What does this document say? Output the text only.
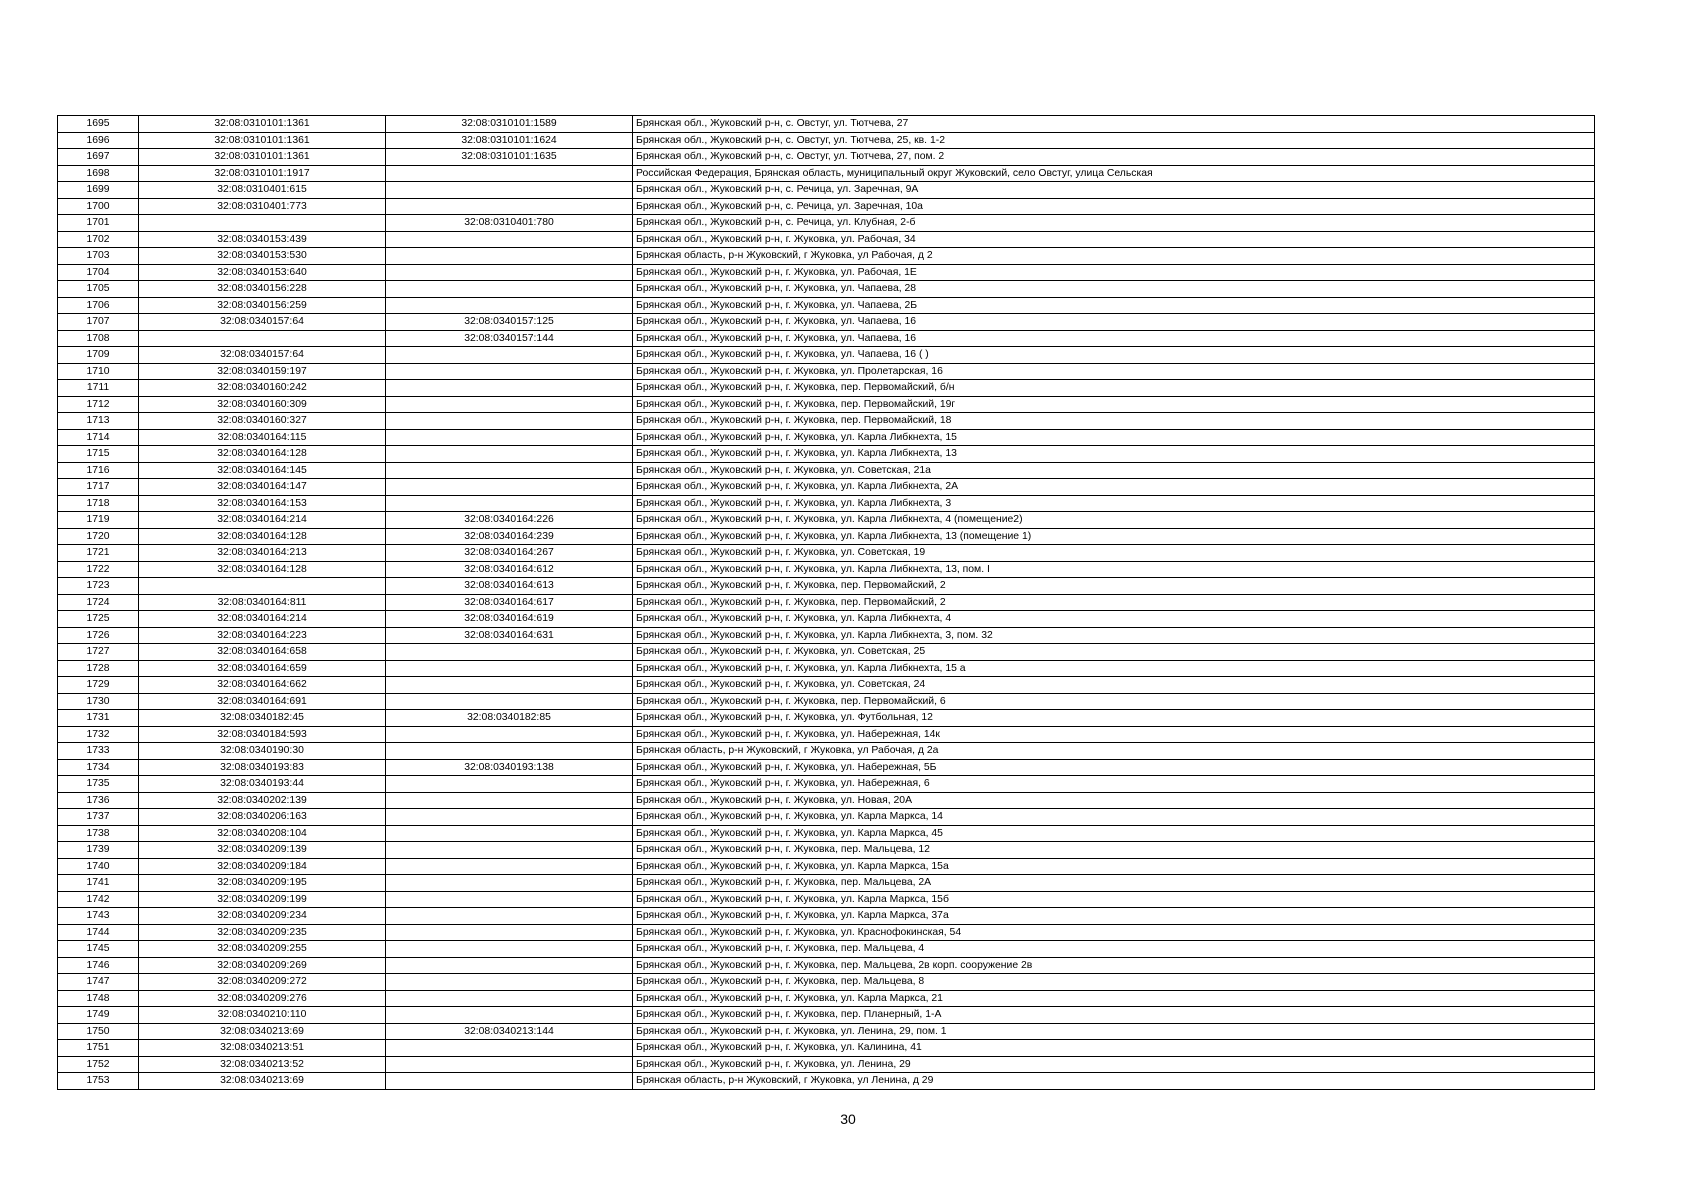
1695	32:08:0310101:1361	32:08:0310101:1589	Брянская обл., Жуковский р-н, с. Овстуг, ул. Тютчева, 27
1696	32:08:0310101:1361	32:08:0310101:1624	Брянская обл., Жуковский р-н, с. Овстуг, ул. Тютчева, 25, кв. 1-2
1697	32:08:0310101:1361	32:08:0310101:1635	Брянская обл., Жуковский р-н, с. Овстуг, ул. Тютчева, 27, пом. 2
1698	32:08:0310101:1917		Российская Федерация, Брянская область, муниципальный округ Жуковский, село Овстуг, улица Сельская
1699	32:08:0310401:615		Брянская обл., Жуковский р-н, с. Речица, ул. Заречная, 9А
1700	32:08:0310401:773		Брянская обл., Жуковский р-н, с. Речица, ул. Заречная, 10а
1701		32:08:0310401:780	Брянская обл., Жуковский р-н, с. Речица, ул. Клубная, 2-б
1702	32:08:0340153:439		Брянская обл., Жуковский р-н, г. Жуковка, ул. Рабочая, 34
1703	32:08:0340153:530		Брянская область, р-н Жуковский, г Жуковка, ул Рабочая, д 2
1704	32:08:0340153:640		Брянская обл., Жуковский р-н, г. Жуковка, ул. Рабочая, 1Е
1705	32:08:0340156:228		Брянская обл., Жуковский р-н, г. Жуковка, ул. Чапаева, 28
1706	32:08:0340156:259		Брянская обл., Жуковский р-н, г. Жуковка, ул. Чапаева, 2Б
1707	32:08:0340157:64	32:08:0340157:125	Брянская обл., Жуковский р-н, г. Жуковка, ул. Чапаева, 16
1708		32:08:0340157:144	Брянская обл., Жуковский р-н, г. Жуковка, ул. Чапаева, 16
1709	32:08:0340157:64		Брянская обл., Жуковский р-н, г. Жуковка, ул. Чапаева, 16 ( )
1710	32:08:0340159:197		Брянская обл., Жуковский р-н, г. Жуковка, ул. Пролетарская, 16
1711	32:08:0340160:242		Брянская обл., Жуковский р-н, г. Жуковка, пер. Первомайский, б/н
1712	32:08:0340160:309		Брянская обл., Жуковский р-н, г. Жуковка, пер. Первомайский, 19г
1713	32:08:0340160:327		Брянская обл., Жуковский р-н, г. Жуковка, пер. Первомайский, 18
1714	32:08:0340164:115		Брянская обл., Жуковский р-н, г. Жуковка, ул. Карла Либкнехта, 15
1715	32:08:0340164:128		Брянская обл., Жуковский р-н, г. Жуковка, ул. Карла Либкнехта, 13
1716	32:08:0340164:145		Брянская обл., Жуковский р-н, г. Жуковка, ул. Советская, 21а
1717	32:08:0340164:147		Брянская обл., Жуковский р-н, г. Жуковка, ул. Карла Либкнехта, 2А
1718	32:08:0340164:153		Брянская обл., Жуковский р-н, г. Жуковка, ул. Карла Либкнехта, 3
1719	32:08:0340164:214	32:08:0340164:226	Брянская обл., Жуковский р-н, г. Жуковка, ул. Карла Либкнехта, 4 (помещение2)
1720	32:08:0340164:128	32:08:0340164:239	Брянская обл., Жуковский р-н, г. Жуковка, ул. Карла Либкнехта, 13 (помещение 1)
1721	32:08:0340164:213	32:08:0340164:267	Брянская обл., Жуковский р-н, г. Жуковка, ул. Советская, 19
1722	32:08:0340164:128	32:08:0340164:612	Брянская обл., Жуковский р-н, г. Жуковка, ул. Карла Либкнехта, 13, пом. I
1723		32:08:0340164:613	Брянская обл., Жуковский р-н, г. Жуковка, пер. Первомайский, 2
1724	32:08:0340164:811	32:08:0340164:617	Брянская обл., Жуковский р-н, г. Жуковка, пер. Первомайский, 2
1725	32:08:0340164:214	32:08:0340164:619	Брянская обл., Жуковский р-н, г. Жуковка, ул. Карла Либкнехта, 4
1726	32:08:0340164:223	32:08:0340164:631	Брянская обл., Жуковский р-н, г. Жуковка, ул. Карла Либкнехта, 3, пом. 32
1727	32:08:0340164:658		Брянская обл., Жуковский р-н, г. Жуковка, ул. Советская, 25
1728	32:08:0340164:659		Брянская обл., Жуковский р-н, г. Жуковка, ул. Карла Либкнехта, 15 а
1729	32:08:0340164:662		Брянская обл., Жуковский р-н, г. Жуковка, ул. Советская, 24
1730	32:08:0340164:691		Брянская обл., Жуковский р-н, г. Жуковка, пер. Первомайский, 6
1731	32:08:0340182:45	32:08:0340182:85	Брянская обл., Жуковский р-н, г. Жуковка, ул. Футбольная, 12
1732	32:08:0340184:593		Брянская обл., Жуковский р-н, г. Жуковка, ул. Набережная, 14к
1733	32:08:0340190:30		Брянская область, р-н Жуковский, г Жуковка, ул Рабочая, д 2а
1734	32:08:0340193:83	32:08:0340193:138	Брянская обл., Жуковский р-н, г. Жуковка, ул. Набережная, 5Б
1735	32:08:0340193:44		Брянская обл., Жуковский р-н, г. Жуковка, ул. Набережная, 6
1736	32:08:0340202:139		Брянская обл., Жуковский р-н, г. Жуковка, ул. Новая, 20А
1737	32:08:0340206:163		Брянская обл., Жуковский р-н, г. Жуковка, ул. Карла Маркса, 14
1738	32:08:0340208:104		Брянская обл., Жуковский р-н, г. Жуковка, ул. Карла Маркса, 45
1739	32:08:0340209:139		Брянская обл., Жуковский р-н, г. Жуковка, пер. Мальцева, 12
1740	32:08:0340209:184		Брянская обл., Жуковский р-н, г. Жуковка, ул. Карла Маркса, 15а
1741	32:08:0340209:195		Брянская обл., Жуковский р-н, г. Жуковка, пер. Мальцева, 2А
1742	32:08:0340209:199		Брянская обл., Жуковский р-н, г. Жуковка, ул. Карла Маркса, 15б
1743	32:08:0340209:234		Брянская обл., Жуковский р-н, г. Жуковка, ул. Карла Маркса, 37а
1744	32:08:0340209:235		Брянская обл., Жуковский р-н, г. Жуковка, ул. Краснофокинская, 54
1745	32:08:0340209:255		Брянская обл., Жуковский р-н, г. Жуковка, пер. Мальцева, 4
1746	32:08:0340209:269		Брянская обл., Жуковский р-н, г. Жуковка, пер. Мальцева, 2в корп. сооружение 2в
1747	32:08:0340209:272		Брянская обл., Жуковский р-н, г. Жуковка, пер. Мальцева, 8
1748	32:08:0340209:276		Брянская обл., Жуковский р-н, г. Жуковка, ул. Карла Маркса, 21
1749	32:08:0340210:110		Брянская обл., Жуковский р-н, г. Жуковка, пер. Планерный, 1-А
1750	32:08:0340213:69	32:08:0340213:144	Брянская обл., Жуковский р-н, г. Жуковка, ул. Ленина, 29, пом. 1
1751	32:08:0340213:51		Брянская обл., Жуковский р-н, г. Жуковка, ул. Калинина, 41
1752	32:08:0340213:52		Брянская обл., Жуковский р-н, г. Жуковка, ул. Ленина, 29
1753	32:08:0340213:69		Брянская область, р-н Жуковский, г Жуковка, ул Ленина, д 29
30
